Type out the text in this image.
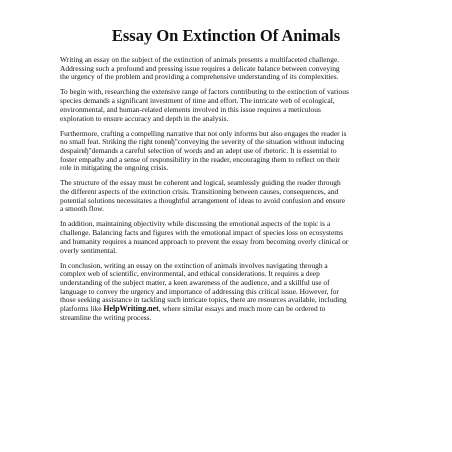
Essay On Extinction Of Animals
Writing an essay on the subject of the extinction of animals presents a multifaceted challenge.
Addressing such a profound and pressing issue requires a delicate balance between conveying
the urgency of the problem and providing a comprehensive understanding of its complexities.
To begin with, researching the extensive range of factors contributing to the extinction of various
species demands a significant investment of time and effort. The intricate web of ecological,
environmental, and human-related elements involved in this issue requires a meticulous
exploration to ensure accuracy and depth in the analysis.
Furthermore, crafting a compelling narrative that not only informs but also engages the reader is
no small feat. Striking the right toneвђ"conveying the severity of the situation without inducing
despairвђ"demands a careful selection of words and an adept use of rhetoric. It is essential to
foster empathy and a sense of responsibility in the reader, encouraging them to reflect on their
role in mitigating the ongoing crisis.
The structure of the essay must be coherent and logical, seamlessly guiding the reader through
the different aspects of the extinction crisis. Transitioning between causes, consequences, and
potential solutions necessitates a thoughtful arrangement of ideas to avoid confusion and ensure
a smooth flow.
In addition, maintaining objectivity while discussing the emotional aspects of the topic is a
challenge. Balancing facts and figures with the emotional impact of species loss on ecosystems
and humanity requires a nuanced approach to prevent the essay from becoming overly clinical or
overly sentimental.
In conclusion, writing an essay on the extinction of animals involves navigating through a
complex web of scientific, environmental, and ethical considerations. It requires a deep
understanding of the subject matter, a keen awareness of the audience, and a skillful use of
language to convey the urgency and importance of addressing this critical issue. However, for
those seeking assistance in tackling such intricate topics, there are resources available, including
platforms like HelpWriting.net, where similar essays and much more can be ordered to
streamline the writing process.
